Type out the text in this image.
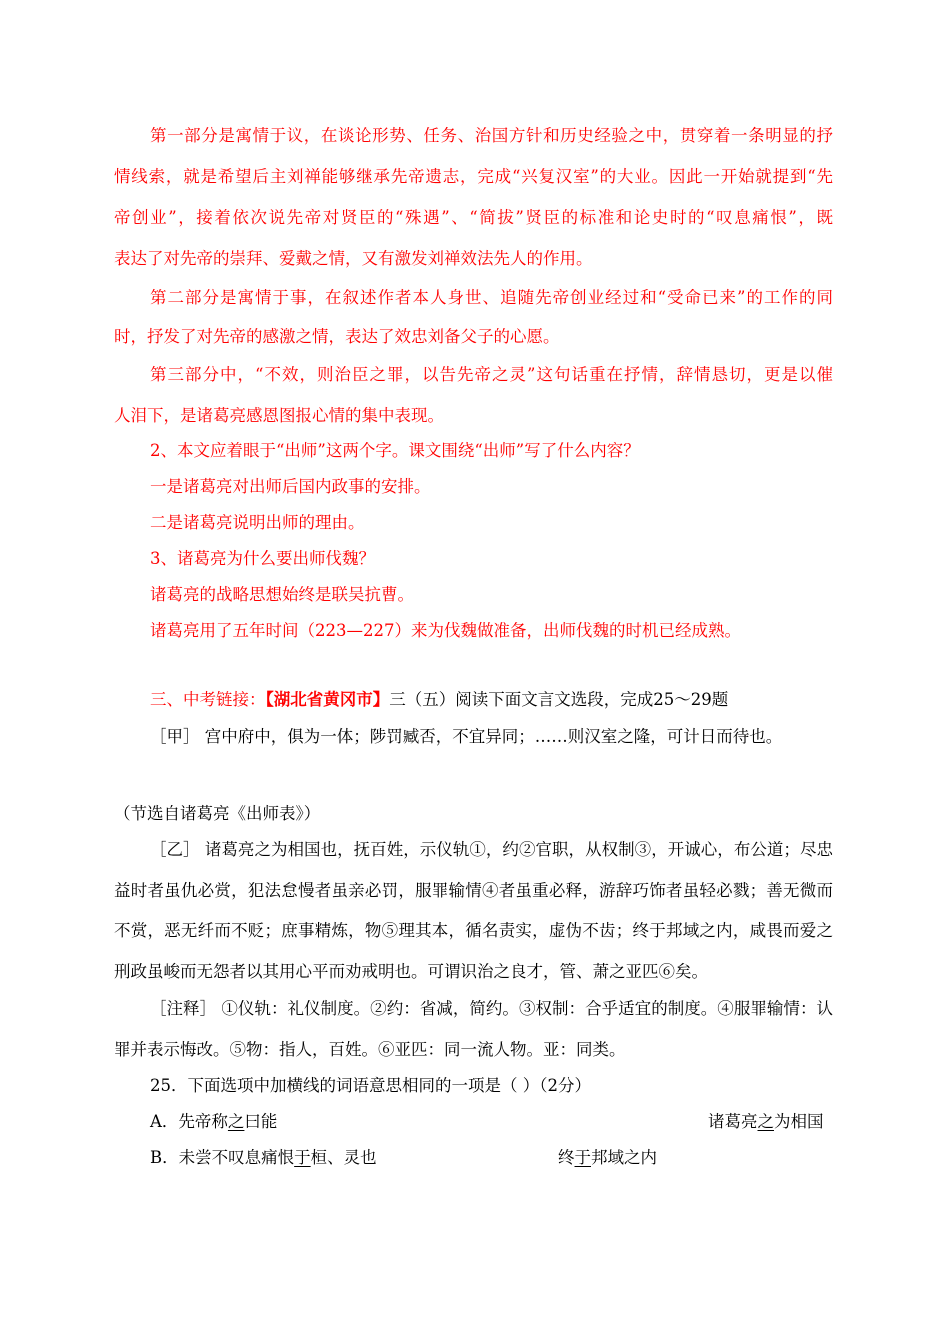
第一部分是寓情于议，在谈论形势、任务、治国方针和历史经验之中，贯穿着一条明显的抒
情线索，就是希望后主刘禅能够继承先帝遗志，完成“兴复汉室”的大业。因此一开始就提到“先
帝创业”，接着依次说先帝对贤臣的“殊遇”、“简拔”贤臣的标准和论史时的“叹息痛恨”，既
表达了对先帝的崇拜、爱戴之情，又有激发刘禅效法先人的作用。
第二部分是寓情于事，在叙述作者本人身世、追随先帝创业经过和“受命已来”的工作的同
时，抒发了对先帝的感激之情，表达了效忠刘备父子的心愿。
第三部分中，“不效，则治臣之罪，以告先帝之灵”这句话重在抒情，辞情恳切，更是以催
人泪下，是诸葛亮感恩图报心情的集中表现。
2、本文应着眼于“出师”这两个字。课文围绕“出师”写了什么内容？
一是诸葛亮对出师后国内政事的安排。
二是诸葛亮说明出师的理由。
3、诸葛亮为什么要出师伐魏？
诸葛亮的战略思想始终是联吴抗曹。
诸葛亮用了五年时间（223—227）来为伐魏做准备，出师伐魏的时机已经成熟。
三、中考链接：【湖北省黄冈市】三（五）阅读下面文言文选段，完成25～29题
［甲］ 宫中府中，俱为一体；陟罚臧否，不宜异同；……则汉室之隆，可计日而待也。
（节选自诸葛亮《出师表》）
［乙］ 诸葛亮之为相国也，抚百姓，示仪轨①，约②官职，从权制③，开诚心，布公道；尽忠
益时者虽仇必赏，犯法怠慢者虽亲必罚，服罪输情④者虽重必释，游辞巧饰者虽轻必戮；善无微而
不赏，恶无纤而不贬；庶事精炼，物⑤理其本，循名责实，虚伪不齿；终于邦域之内，咸畏而爱之
刑政虽峻而无怨者以其用心平而劝戒明也。可谓识治之良才，管、萧之亚匹⑥矣。
［注释］ ①仪轨：礼仪制度。②约：省减，简约。③权制：合乎适宜的制度。④服罪输情：认
罪并表示悔改。⑤物：指人，百姓。⑥亚匹：同一流人物。亚：同类。
25．下面选项中加横线的词语意思相同的一项是（ ）（2分）
A．先帝称之曰能	诸葛亮之为相国
B．未尝不叹息痛恨于桓、灵也	终于邦域之内
